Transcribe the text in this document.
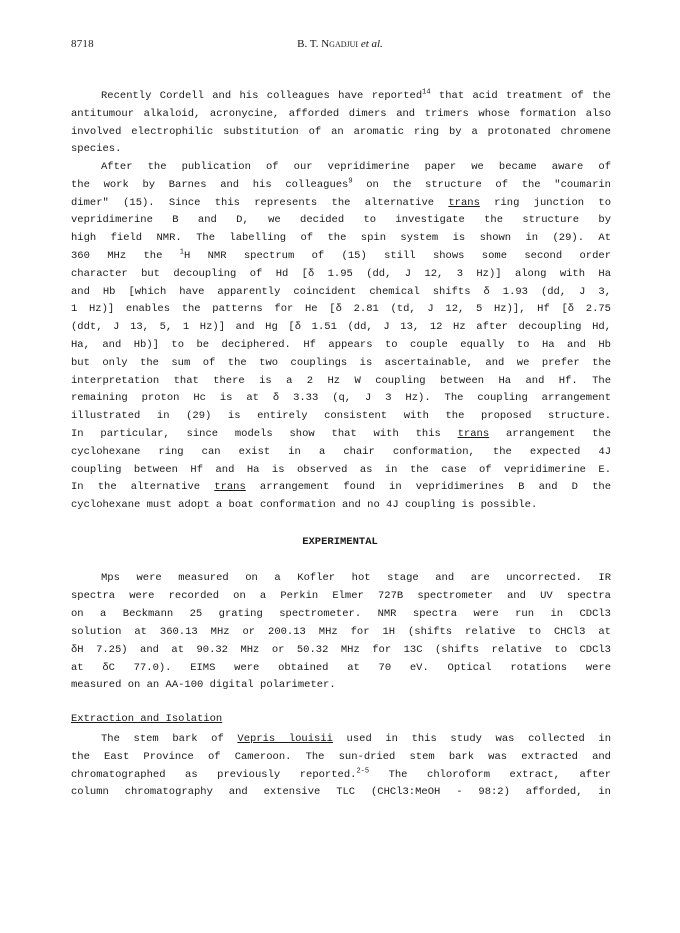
8718	B. T. Ngadjui et al.

Recently Cordell and his colleagues have reported$^{14}$ that acid treatment of the antitumour alkaloid, acronycine, afforded dimers and trimers whose formation also involved electrophilic substitution of an aromatic ring by a protonated chromene species.

After the publication of our vepridimerine paper we became aware of

the work by Barnes and his colleagues$^9$ on the structure of the "coumarin

dimer" (15). Since this represents the alternative trans ring junction to

vepridimerine B and D, we decided to investigate the structure by

high field NMR. The labelling of the spin system is shown in (29). At

360 MHz the $^1$H NMR spectrum of (15) still shows some second order

character but decoupling of Hd [δ 1.95 (dd, J 12, 3 Hz)] along with Ha

and Hb [which have apparently coincident chemical shifts δ 1.93 (dd, J 3,

1 Hz)] enables the patterns for He [δ 2.81 (td, J 12, 5 Hz)], Hf [δ 2.75

(ddt, J 13, 5, 1 Hz)] and Hg [δ 1.51 (dd, J 13, 12 Hz after decoupling Hd,

Ha, and Hb)] to be deciphered. Hf appears to couple equally to Ha and Hb

but only the sum of the two couplings is ascertainable, and we prefer the

interpretation that there is a 2 Hz W coupling between Ha and Hf. The

remaining proton Hc is at δ 3.33 (q, J 3 Hz). The coupling arrangement

illustrated in (29) is entirely consistent with the proposed structure.

In particular, since models show that with this trans arrangement the

cyclohexane ring can exist in a chair conformation, the expected 4J

coupling between Hf and Ha is observed as in the case of vepridimerine E.

In the alternative trans arrangement found in vepridimerines B and D the

cyclohexane must adopt a boat conformation and no 4J coupling is possible.

EXPERIMENTAL

Mps were measured on a Kofler hot stage and are uncorrected. IR

spectra were recorded on a Perkin Elmer 727B spectrometer and UV spectra

on a Beckmann 25 grating spectrometer. NMR spectra were run in CDCl3

solution at 360.13 MHz or 200.13 MHz for 1H (shifts relative to CHCl3 at

δH 7.25) and at 90.32 MHz or 50.32 MHz for 13C (shifts relative to CDCl3

at δC 77.0). EIMS were obtained at 70 eV. Optical rotations were

measured on an AA-100 digital polarimeter.

Extraction and Isolation

The stem bark of Vepris louisii used in this study was collected in

the East Province of Cameroon. The sun-dried stem bark was extracted and

chromatographed as previously reported.$^{2-5}$ The chloroform extract, after

column chromatography and extensive TLC (CHCl3:MeOH - 98:2) afforded, in
